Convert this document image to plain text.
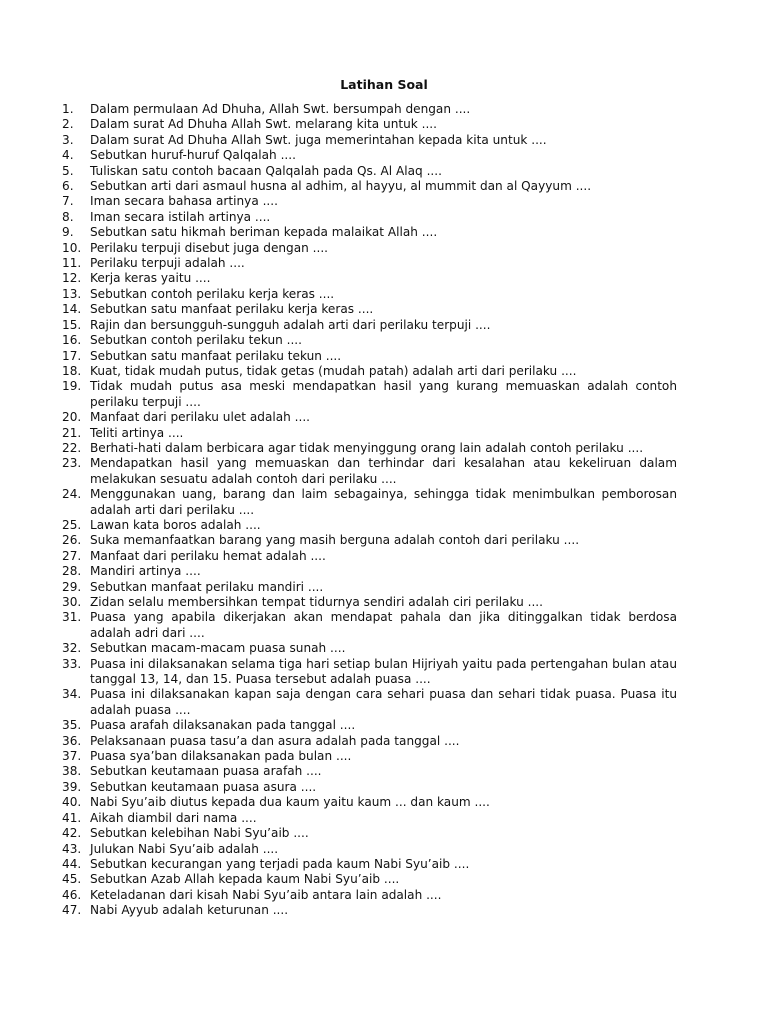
Latihan Soal
1.	Dalam permulaan Ad Dhuha, Allah Swt. bersumpah dengan ....
2.	Dalam surat Ad Dhuha Allah Swt. melarang kita untuk ....
3.	Dalam surat Ad Dhuha Allah Swt. juga memerintahan kepada kita untuk ....
4.	Sebutkan huruf-huruf Qalqalah ....
5.	Tuliskan satu contoh bacaan Qalqalah pada Qs. Al Alaq ....
6.	Sebutkan arti dari asmaul husna al adhim, al hayyu, al mummit dan al Qayyum ....
7.	Iman secara bahasa artinya ....
8.	Iman secara istilah artinya ....
9.	Sebutkan satu hikmah beriman kepada malaikat Allah ....
10. Perilaku terpuji disebut juga dengan ....
11. Perilaku terpuji adalah ....
12. Kerja keras yaitu ....
13. Sebutkan contoh perilaku kerja keras ....
14. Sebutkan satu manfaat perilaku kerja keras ....
15. Rajin dan bersungguh-sungguh adalah arti dari perilaku terpuji ....
16. Sebutkan contoh perilaku tekun ....
17. Sebutkan satu manfaat perilaku tekun ....
18. Kuat, tidak mudah putus, tidak getas (mudah patah) adalah arti dari perilaku ....
19. Tidak mudah putus asa meski mendapatkan hasil yang kurang memuaskan adalah contoh perilaku terpuji ....
20. Manfaat dari perilaku ulet adalah ....
21. Teliti artinya ....
22. Berhati-hati dalam berbicara agar tidak menyinggung orang lain adalah contoh perilaku ....
23. Mendapatkan hasil yang memuaskan dan terhindar dari kesalahan atau kekeliruan dalam melakukan sesuatu adalah contoh dari perilaku ....
24. Menggunakan uang, barang dan laim sebagainya, sehingga tidak menimbulkan pemborosan adalah arti dari perilaku ....
25. Lawan kata boros adalah ....
26. Suka memanfaatkan barang yang masih berguna adalah contoh dari perilaku ....
27. Manfaat dari perilaku hemat adalah ....
28. Mandiri artinya ....
29. Sebutkan manfaat perilaku mandiri ....
30. Zidan selalu membersihkan tempat tidurnya sendiri adalah ciri perilaku ....
31. Puasa yang apabila dikerjakan akan mendapat pahala dan jika ditinggalkan tidak berdosa adalah adri dari ....
32. Sebutkan macam-macam puasa sunah ....
33. Puasa ini dilaksanakan selama tiga hari setiap bulan Hijriyah yaitu pada pertengahan bulan atau tanggal 13, 14, dan 15. Puasa tersebut adalah puasa ....
34. Puasa ini dilaksanakan kapan saja dengan cara sehari puasa dan sehari tidak puasa. Puasa itu adalah puasa ....
35. Puasa arafah dilaksanakan pada tanggal ....
36. Pelaksanaan puasa tasu’a dan asura adalah pada tanggal ....
37. Puasa sya’ban dilaksanakan pada bulan ....
38. Sebutkan keutamaan puasa arafah ....
39. Sebutkan keutamaan puasa asura ....
40. Nabi Syu’aib diutus kepada dua kaum yaitu kaum ... dan kaum ....
41. Aikah diambil dari nama ....
42. Sebutkan kelebihan Nabi Syu’aib ....
43. Julukan Nabi Syu’aib adalah ....
44. Sebutkan kecurangan yang terjadi pada kaum Nabi Syu’aib ....
45. Sebutkan Azab Allah kepada kaum Nabi Syu’aib ....
46. Keteladanan dari kisah Nabi Syu’aib antara lain adalah ....
47. Nabi Ayyub adalah keturunan ....
